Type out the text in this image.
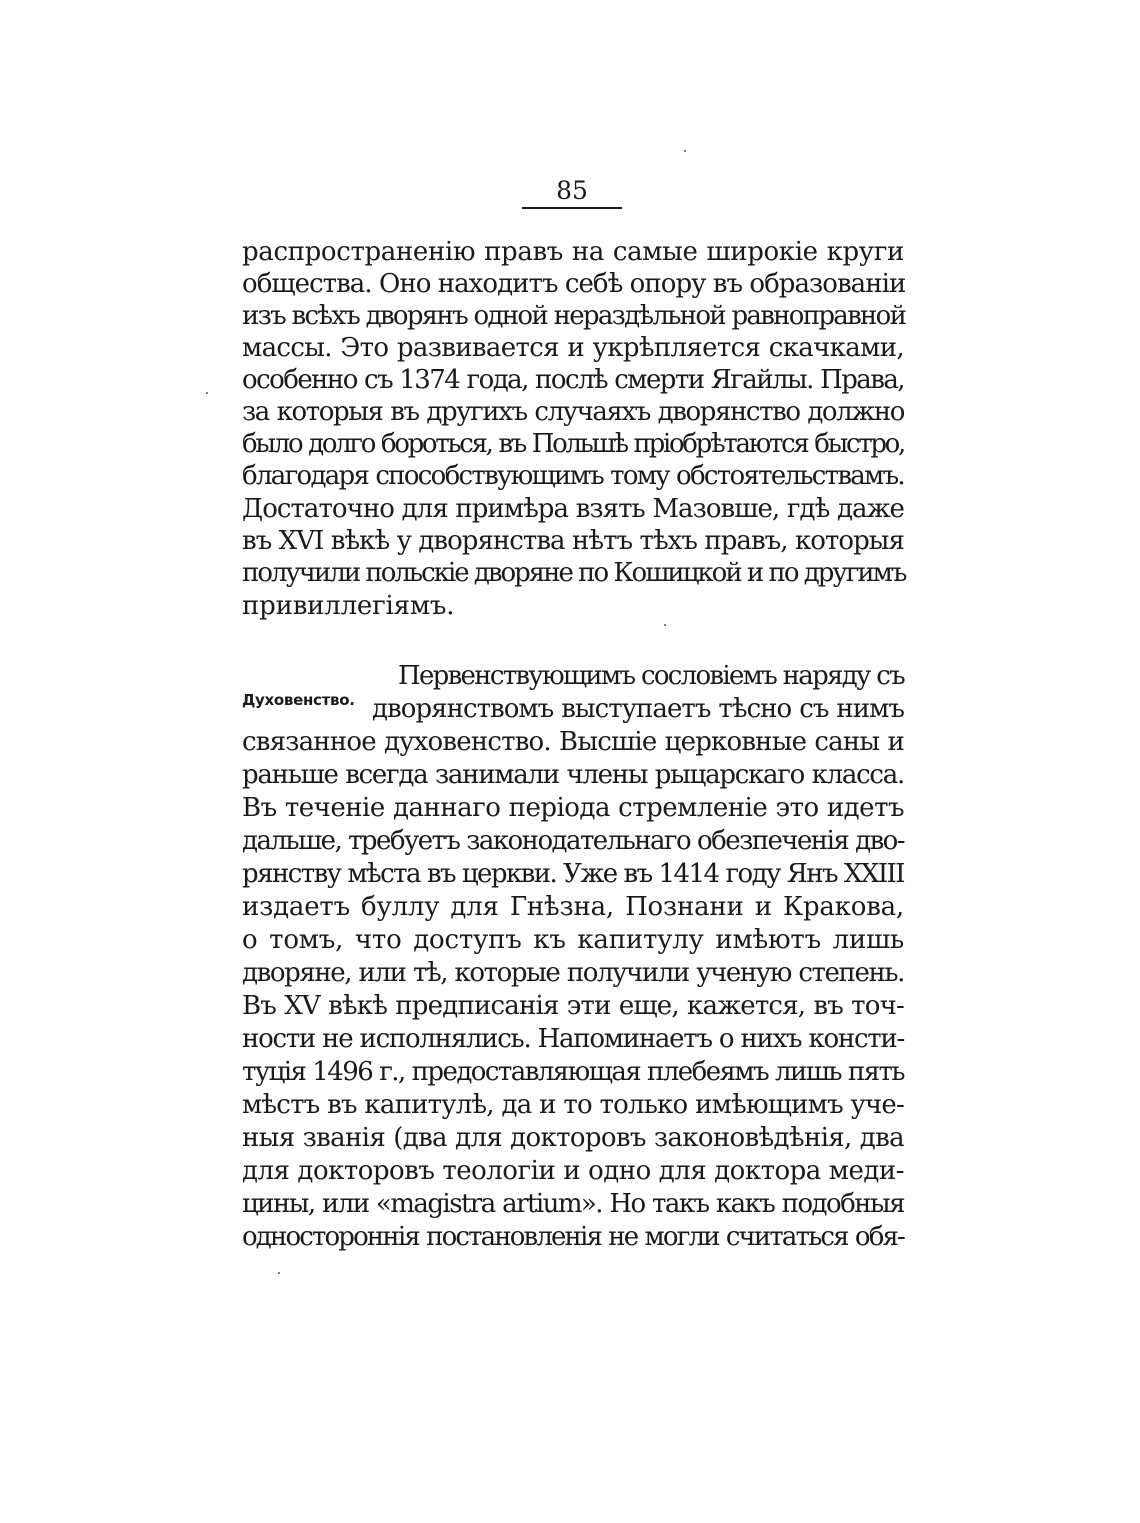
85
распространенію правъ на самые широкіе круги
общества. Оно находитъ себѣ опору въ образованіи
изъ всѣхъ дворянъ одной нераздѣльной равноправной
массы. Это развивается и укрѣпляется скачками,
особенно съ 1374 года, послѣ смерти Ягайлы. Права,
за которыя въ другихъ случаяхъ дворянство должно
было долго бороться, въ Польшѣ пріобрѣтаются быстро,
благодаря способствующимъ тому обстоятельствамъ.
Достаточно для примѣра взять Мазовше, гдѣ даже
въ XVI вѣкѣ у дворянства нѣтъ тѣхъ правъ, которыя
получили польскіе дворяне по Кошицкой и по другимъ
привиллегіямъ.
Духовенство.
Первенствующимъ сословіемъ наряду съ
дворянствомъ выступаетъ тѣсно съ нимъ
связанное духовенство. Высшіе церковные саны и
раньше всегда занимали члены рыцарскаго класса.
Въ теченіе даннаго періода стремленіе это идетъ
дальше, требуетъ законодательнаго обезпеченія дво-
рянству мѣста въ церкви. Уже въ 1414 году Янъ XXIII
издаетъ буллу для Гнѣзна, Познани и Кракова,
о томъ, что доступъ къ капитулу имѣютъ лишь
дворяне, или тѣ, которые получили ученую степень.
Въ XV вѣкѣ предписанія эти еще, кажется, въ точ-
ности не исполнялись. Напоминаетъ о нихъ консти-
туція 1496 г., предоставляющая плебеямъ лишь пять
мѣстъ въ капитулѣ, да и то только имѣющимъ уче-
ныя званія (два для докторовъ законовѣдѣнія, два
для докторовъ теологіи и одно для доктора меди-
цины, или «magistra artium». Но такъ какъ подобныя
одностороннія постановленія не могли считаться обя-
